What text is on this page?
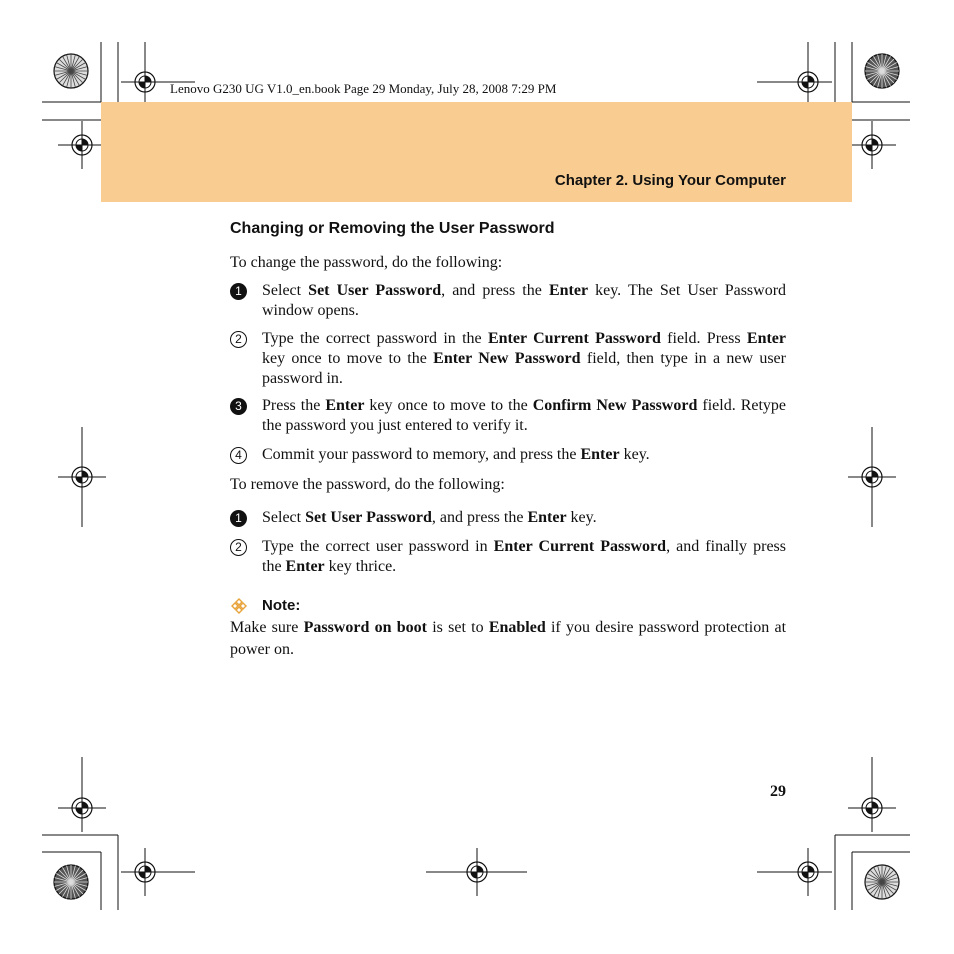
Lenovo G230 UG V1.0_en.book Page 29 Monday, July 28, 2008 7:29 PM
Chapter 2. Using Your Computer
Changing or Removing the User Password
To change the password, do the following:
1	Select Set User Password, and press the Enter key. The Set User Password window opens.
2	Type the correct password in the Enter Current Password field. Press Enter key once to move to the Enter New Password field, then type in a new user password in.
3	Press the Enter key once to move to the Confirm New Password field. Retype the password you just entered to verify it.
4	Commit your password to memory, and press the Enter key.
To remove the password, do the following:
1	Select Set User Password, and press the Enter key.
2	Type the correct user password in Enter Current Password, and finally press the Enter key thrice.
Note:
Make sure Password on boot is set to Enabled if you desire password protection at power on.
29
